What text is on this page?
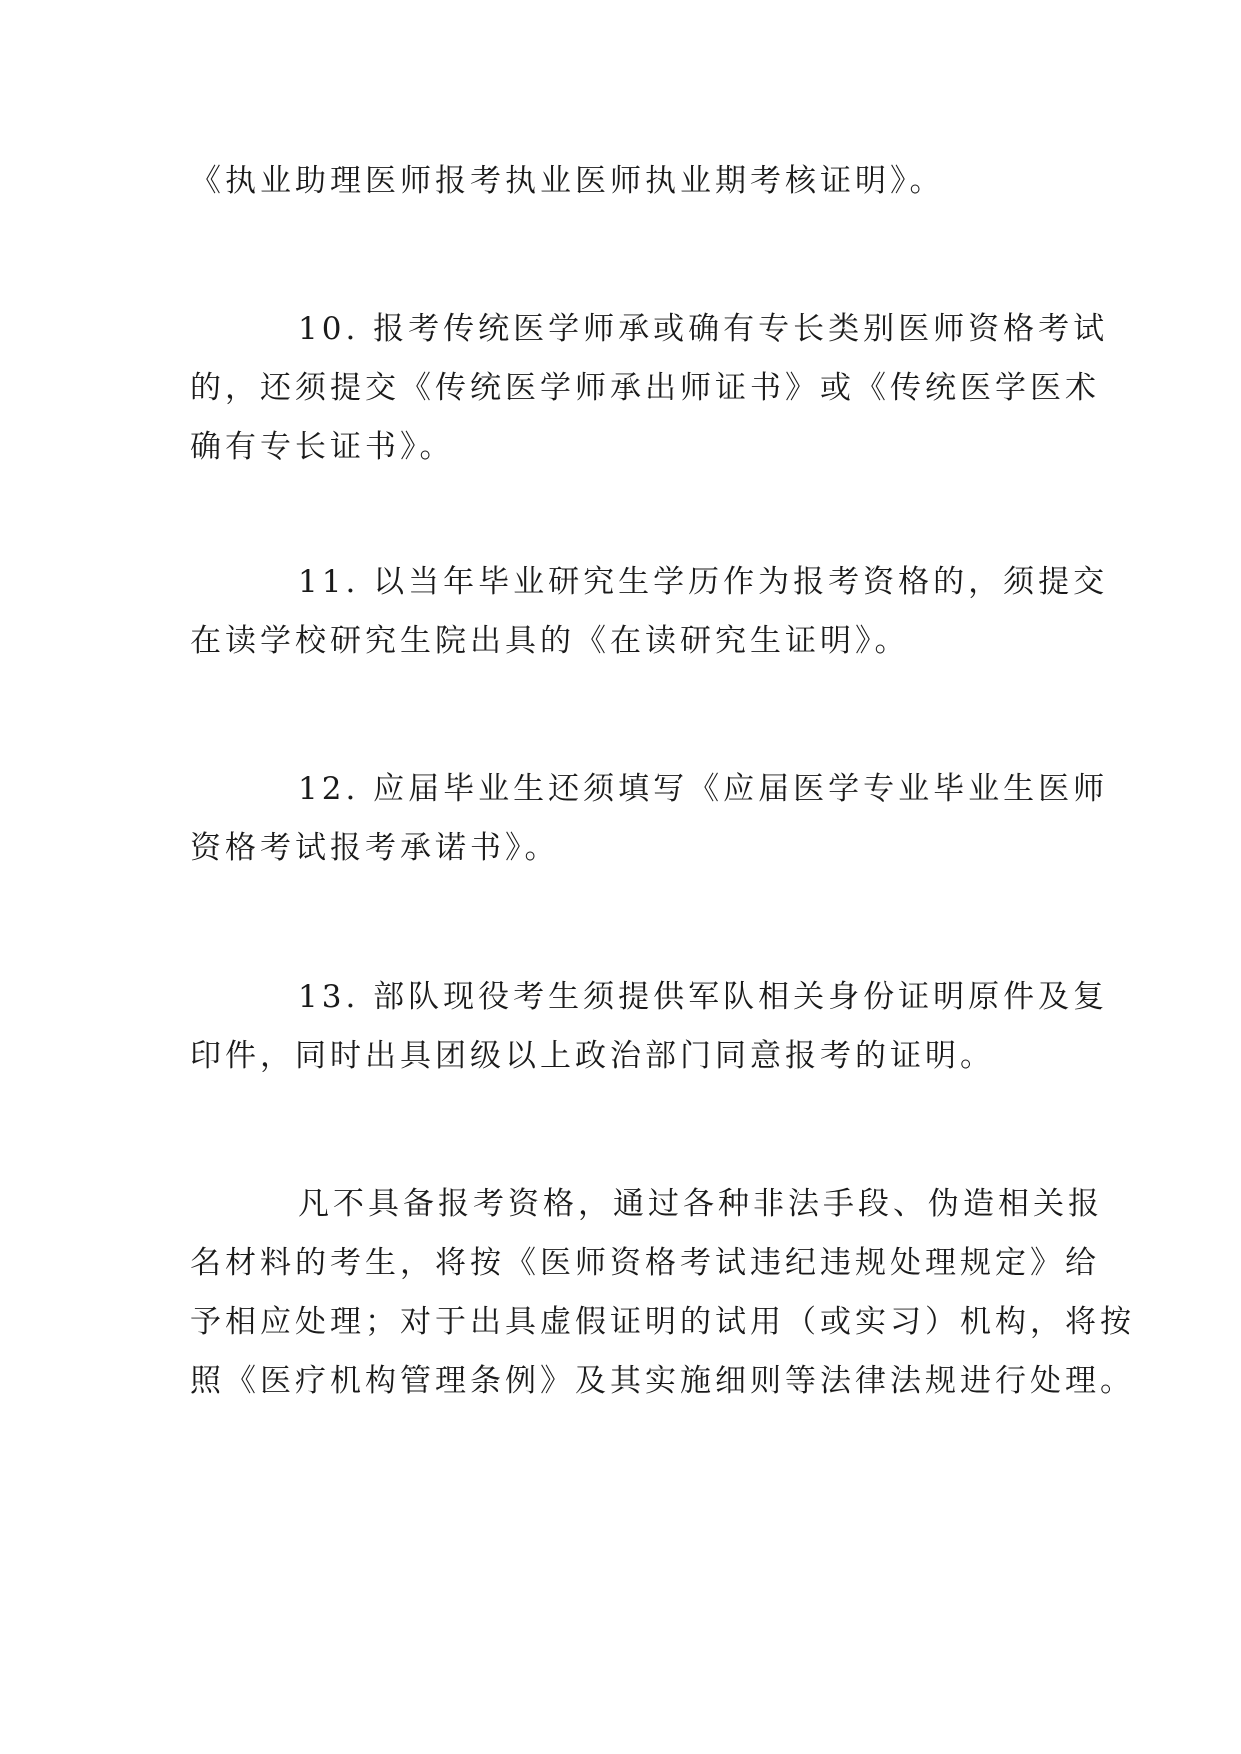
《执业助理医师报考执业医师执业期考核证明》。

10. 报考传统医学师承或确有专长类别医师资格考试
的，还须提交《传统医学师承出师证书》或《传统医学医术
确有专长证书》。

11. 以当年毕业研究生学历作为报考资格的，须提交
在读学校研究生院出具的《在读研究生证明》。

12. 应届毕业生还须填写《应届医学专业毕业生医师
资格考试报考承诺书》。

13. 部队现役考生须提供军队相关身份证明原件及复
印件，同时出具团级以上政治部门同意报考的证明。

凡不具备报考资格，通过各种非法手段、伪造相关报
名材料的考生，将按《医师资格考试违纪违规处理规定》给
予相应处理；对于出具虚假证明的试用（或实习）机构，将按
照《医疗机构管理条例》及其实施细则等法律法规进行处理。
